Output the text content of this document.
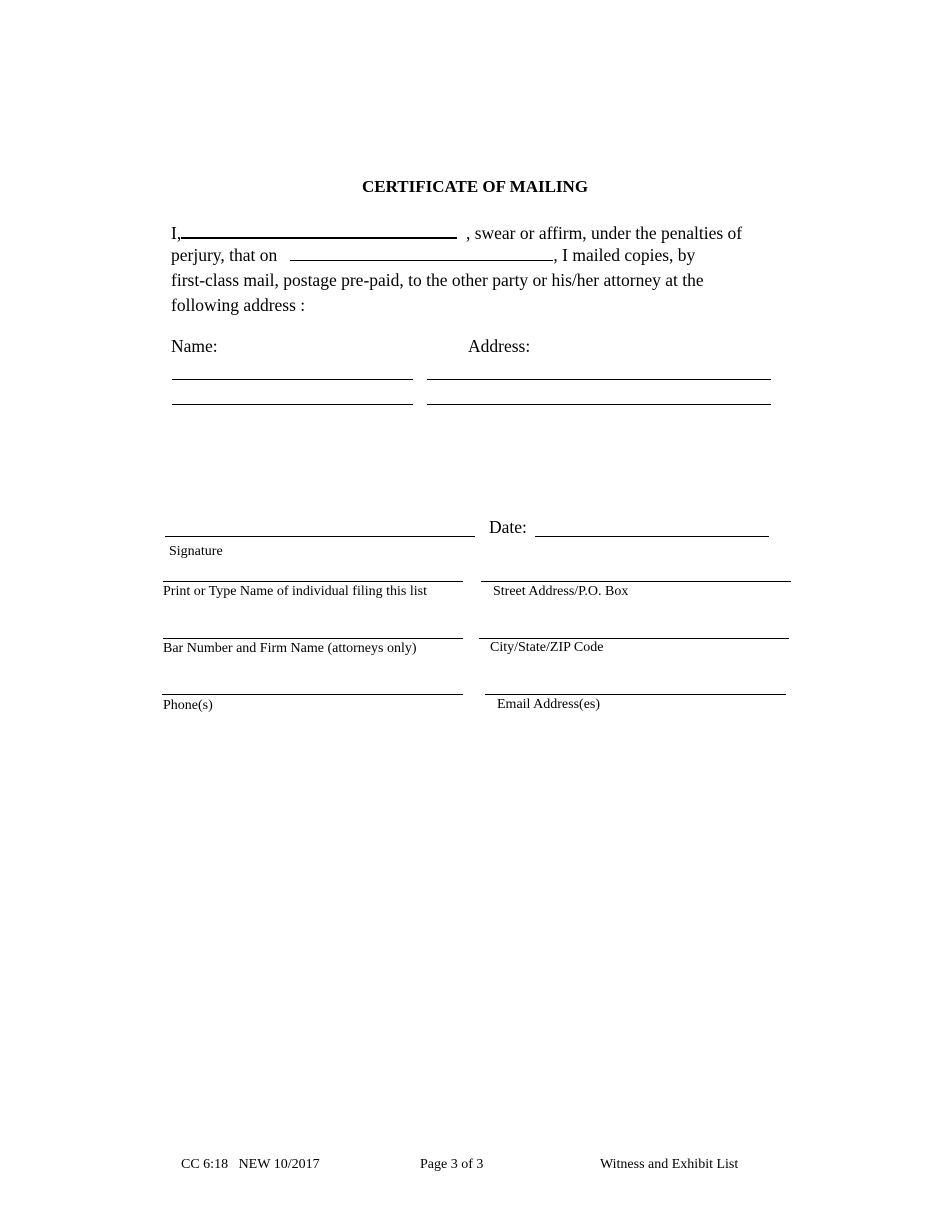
CERTIFICATE OF MAILING
I,	, swear or affirm, under the penalties of
perjury, that on	, I mailed copies, by
first-class mail, postage pre-paid, to the other party or his/her attorney at the
following address :
Name:	Address:
Date:
Signature
Print or Type Name of individual filing this list	Street Address/P.O. Box
Bar Number and Firm Name (attorneys only)	City/State/ZIP Code
Phone(s)	Email Address(es)
CC 6:18   NEW 10/2017	Page 3 of 3	Witness and Exhibit List
